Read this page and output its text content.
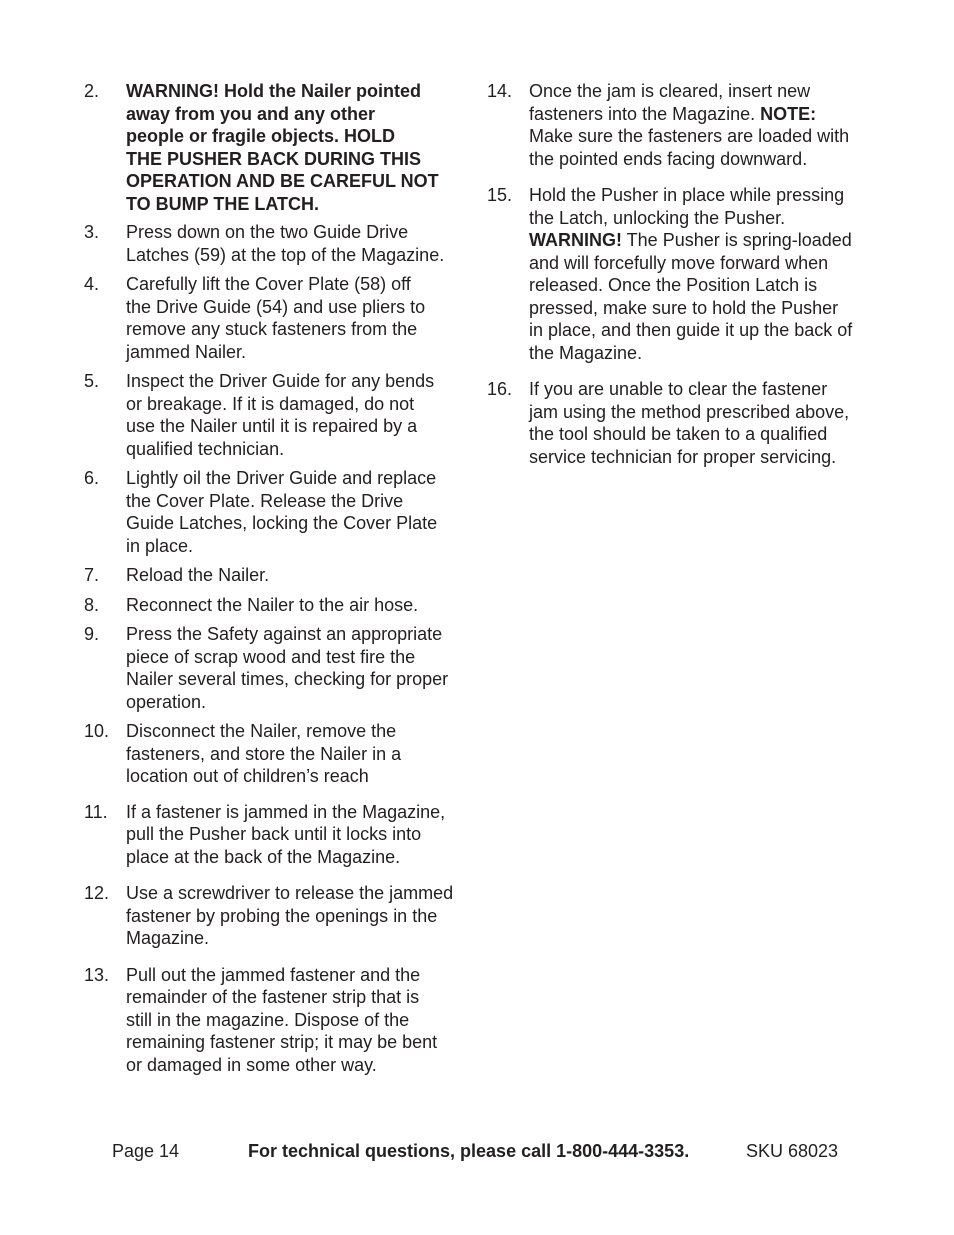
2.	WARNING! Hold the Nailer pointed
away from you and any other
people or fragile objects. HOLD
THE PUSHER BACK DURING THIS
OPERATION AND BE CAREFUL NOT
TO BUMP THE LATCH.
3.	Press down on the two Guide Drive
Latches (59) at the top of the Magazine.
4.	Carefully lift the Cover Plate (58) off
the Drive Guide (54) and use pliers to
remove any stuck fasteners from the
jammed Nailer.
5.	Inspect the Driver Guide for any bends
or breakage. If it is damaged, do not
use the Nailer until it is repaired by a
qualified technician.
6.	Lightly oil the Driver Guide and replace
the Cover Plate. Release the Drive
Guide Latches, locking the Cover Plate
in place.
7.	Reload the Nailer.
8.	Reconnect the Nailer to the air hose.
9.	Press the Safety against an appropriate
piece of scrap wood and test fire the
Nailer several times, checking for proper
operation.
10. Disconnect the Nailer, remove the
fasteners, and store the Nailer in a
location out of children’s reach
11.	If a fastener is jammed in the Magazine,
pull the Pusher back until it locks into
place at the back of the Magazine.
12. Use a screwdriver to release the jammed
fastener by probing the openings in the
Magazine.
13. Pull out the jammed fastener and the
remainder of the fastener strip that is
still in the magazine. Dispose of the
remaining fastener strip; it may be bent
or damaged in some other way.
14. Once the jam is cleared, insert new
fasteners into the Magazine. NOTE:
Make sure the fasteners are loaded with
the pointed ends facing downward.
15. Hold the Pusher in place while pressing
the Latch, unlocking the Pusher.
WARNING! The Pusher is spring-loaded
and will forcefully move forward when
released. Once the Position Latch is
pressed, make sure to hold the Pusher
in place, and then guide it up the back of
the Magazine.
16. If you are unable to clear the fastener
jam using the method prescribed above,
the tool should be taken to a qualified
service technician for proper servicing.
Page 14	For technical questions, please call 1-800-444-3353.	SKU 68023
